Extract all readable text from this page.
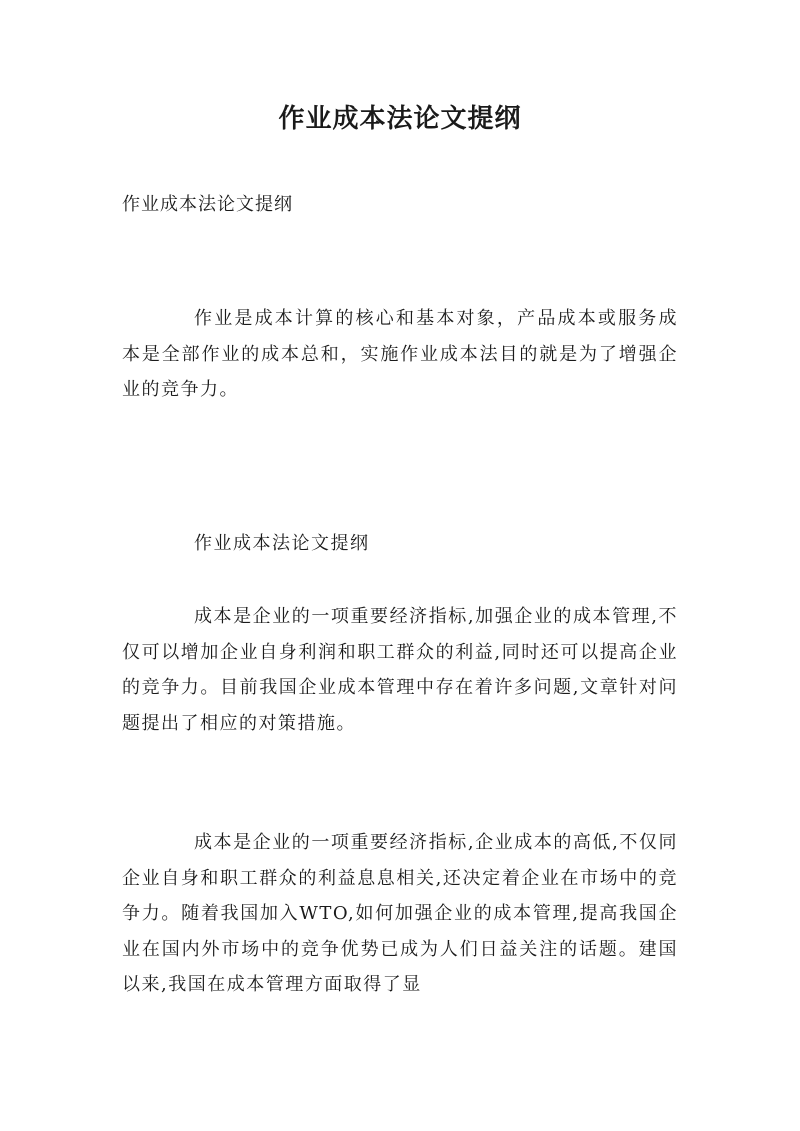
作业成本法论文提纲

作业成本法论文提纲

作业是成本计算的核心和基本对象，产品成本或服务成本是全部作业的成本总和，实施作业成本法目的就是为了增强企业的竞争力。

作业成本法论文提纲

成本是企业的一项重要经济指标,加强企业的成本管理,不仅可以增加企业自身利润和职工群众的利益,同时还可以提高企业的竞争力。目前我国企业成本管理中存在着许多问题,文章针对问题提出了相应的对策措施。

成本是企业的一项重要经济指标,企业成本的高低,不仅同企业自身和职工群众的利益息息相关,还决定着企业在市场中的竞争力。随着我国加入WTO,如何加强企业的成本管理,提高我国企业在国内外市场中的竞争优势已成为人们日益关注的话题。建国以来,我国在成本管理方面取得了显
